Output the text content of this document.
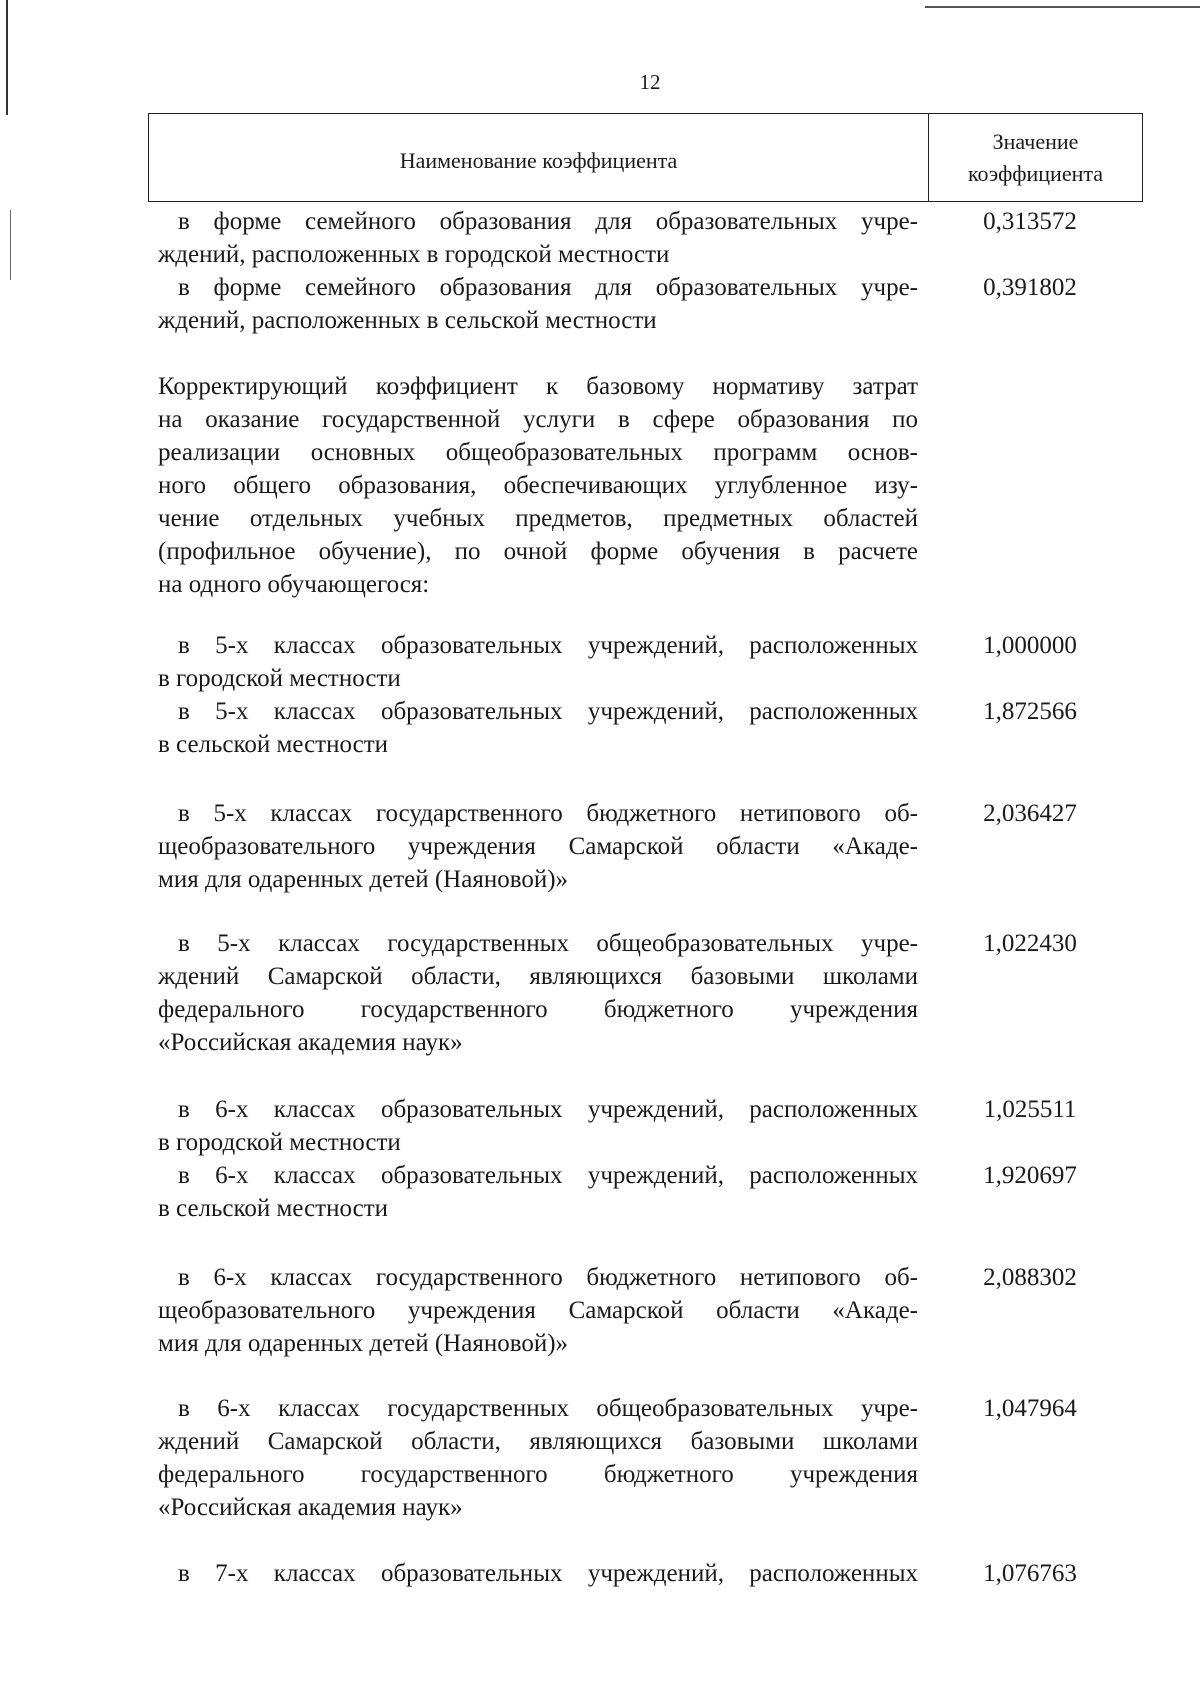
12
Наименование коэффициента
Значение
коэффициента
в форме семейного образования для образовательных учре-
ждений, расположенных в городской местности
0,313572
в форме семейного образования для образовательных учре-
ждений, расположенных в сельской местности
0,391802
Корректирующий коэффициент к базовому нормативу затрат
на оказание государственной услуги в сфере образования по
реализации основных общеобразовательных программ основ-
ного общего образования, обеспечивающих углубленное изу-
чение отдельных учебных предметов, предметных областей
(профильное обучение), по очной форме обучения в расчете
на одного обучающегося:
в 5-х классах образовательных учреждений, расположенных
в городской местности
1,000000
в 5-х классах образовательных учреждений, расположенных
в сельской местности
1,872566
в 5-х классах государственного бюджетного нетипового об-
щеобразовательного учреждения Самарской области «Акаде-
мия для одаренных детей (Наяновой)»
2,036427
в 5-х классах государственных общеобразовательных учре-
ждений Самарской области, являющихся базовыми школами
федерального государственного бюджетного учреждения
«Российская академия наук»
1,022430
в 6-х классах образовательных учреждений, расположенных
в городской местности
1,025511
в 6-х классах образовательных учреждений, расположенных
в сельской местности
1,920697
в 6-х классах государственного бюджетного нетипового об-
щеобразовательного учреждения Самарской области «Акаде-
мия для одаренных детей (Наяновой)»
2,088302
в 6-х классах государственных общеобразовательных учре-
ждений Самарской области, являющихся базовыми школами
федерального государственного бюджетного учреждения
«Российская академия наук»
1,047964
в 7-х классах образовательных учреждений, расположенных	1,076763
